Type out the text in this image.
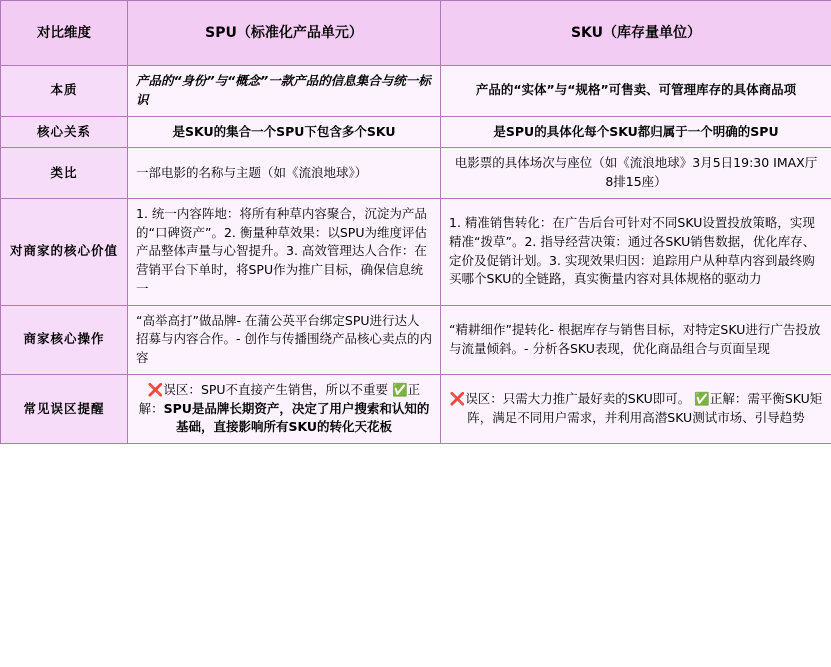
对比维度	SPU（标准化产品单元）	SKU（库存量单位）
本质	产品的“身份”与“概念”一款产品的信息集合与统一标识	产品的“实体”与“规格”可售卖、可管理库存的具体商品项
核心关系	是SKU的集合一个SPU下包含多个SKU	是SPU的具体化每个SKU都归属于一个明确的SPU
类比	一部电影的名称与主题（如《流浪地球》）	电影票的具体场次与座位（如《流浪地球》3月5日19:30 IMAX厅 8排15座）
对商家的核心价值	1. 统一内容阵地：将所有种草内容聚合，沉淀为产品的“口碑资产”。2. 衡量种草效果：以SPU为维度评估产品整体声量与心智提升。3. 高效管理达人合作：在营销平台下单时，将SPU作为推广目标，确保信息统一	1. 精准销售转化：在广告后台可针对不同SKU设置投放策略，实现精准“拨草”。2. 指导经营决策：通过各SKU销售数据，优化库存、定价及促销计划。3. 实现效果归因：追踪用户从种草内容到最终购买哪个SKU的全链路，真实衡量内容对具体规格的驱动力
商家核心操作	“高举高打”做品牌- 在蒲公英平台绑定SPU进行达人招募与内容合作。- 创作与传播围绕产品核心卖点的内容	“精耕细作”提转化- 根据库存与销售目标，对特定SKU进行广告投放与流量倾斜。- 分析各SKU表现，优化商品组合与页面呈现
常见误区提醒	❌误区：SPU不直接产生销售，所以不重要 ✅正解：SPU是品牌长期资产，决定了用户搜索和认知的基础，直接影响所有SKU的转化天花板	❌误区：只需大力推广最好卖的SKU即可。 ✅正解：需平衡SKU矩阵，满足不同用户需求，并利用高潜SKU测试市场、引导趋势
